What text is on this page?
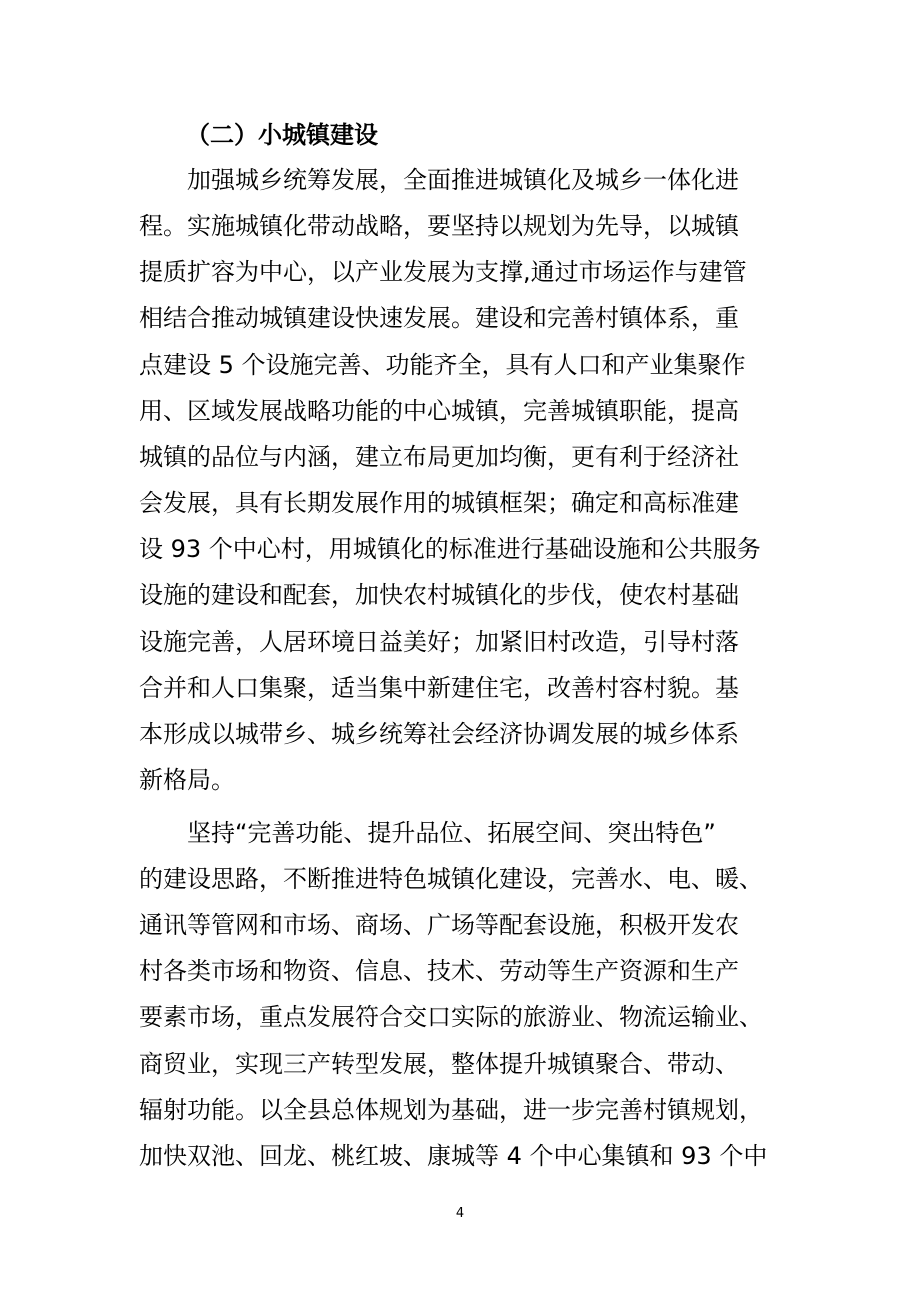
（二）小城镇建设
　　加强城乡统筹发展，全面推进城镇化及城乡一体化进
程。实施城镇化带动战略，要坚持以规划为先导，以城镇
提质扩容为中心，以产业发展为支撑,通过市场运作与建管
相结合推动城镇建设快速发展。建设和完善村镇体系，重
点建设 5 个设施完善、功能齐全，具有人口和产业集聚作
用、区域发展战略功能的中心城镇，完善城镇职能，提高
城镇的品位与内涵，建立布局更加均衡，更有利于经济社
会发展，具有长期发展作用的城镇框架；确定和高标准建
设 93 个中心村，用城镇化的标准进行基础设施和公共服务
设施的建设和配套，加快农村城镇化的步伐，使农村基础
设施完善，人居环境日益美好；加紧旧村改造，引导村落
合并和人口集聚，适当集中新建住宅，改善村容村貌。基
本形成以城带乡、城乡统筹社会经济协调发展的城乡体系
新格局。
　　坚持“完善功能、提升品位、拓展空间、突出特色”
的建设思路，不断推进特色城镇化建设，完善水、电、暖、
通讯等管网和市场、商场、广场等配套设施，积极开发农
村各类市场和物资、信息、技术、劳动等生产资源和生产
要素市场，重点发展符合交口实际的旅游业、物流运输业、
商贸业，实现三产转型发展，整体提升城镇聚合、带动、
辐射功能。以全县总体规划为基础，进一步完善村镇规划，
加快双池、回龙、桃红坡、康城等 4 个中心集镇和 93 个中
4
